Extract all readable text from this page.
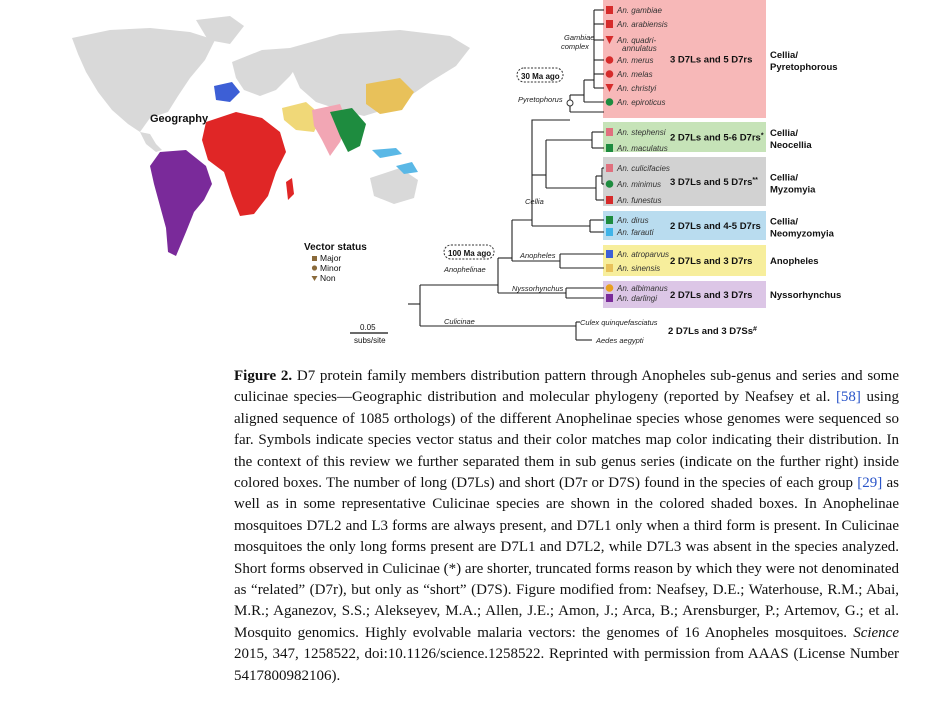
Geography
Vector status
Major
Minor
Non
0.05
subs/site
3 D7Ls and 5 D7rs Cellia/
Pyretophorous
2 D7Ls and 5-6 D7rs* Cellia/
Neocellia
3 D7Ls and 5 D7rs** Cellia/
Myzomyia
2 D7Ls and 4-5 D7rs Cellia/
Neomyzomyia
2 D7Ls and 3 D7rs Anopheles
2 D7Ls and 3 D7rs Nyssorhynchus
Gambiae
complex
30 Ma ago
Pyretophorus
Cellia
Anopheles
100 Ma ago
Anophelinae
Nyssorhynchus
Culicinae
An. gambiae
An. arabiensis
An. quadri-
annulatus
An. merus
An. melas
An. christyi
An. epiroticus
An. stephensi
An. maculatus
An. culicifacies
An. minimus
An. funestus
An. dirus
An. farauti
An. atroparvus
An. sinensis
An. albimanus
An. darlingi
Culex quinquefasciatus
Aedes aegypti
2 D7Ls and 3 D7Ss#
Figure 2. D7 protein family members distribution pattern through Anopheles sub-genus and series and some culicinae species—Geographic distribution and molecular phylogeny (reported by Neafsey et al. [58] using aligned sequence of 1085 orthologs) of the different Anophelinae species whose genomes were sequenced so far. Symbols indicate species vector status and their color matches map color indicating their distribution. In the context of this review we further separated them in sub genus series (indicate on the further right) inside colored boxes. The number of long (D7Ls) and short (D7r or D7S) found in the species of each group [29] as well as in some representative Culicinae species are shown in the colored shaded boxes. In Anophelinae mosquitoes D7L2 and L3 forms are always present, and D7L1 only when a third form is present. In Culicinae mosquitoes the only long forms present are D7L1 and D7L2, while D7L3 was absent in the species analyzed. Short forms observed in Culicinae (*) are shorter, truncated forms reason by which they were not denominated as “related” (D7r), but only as “short” (D7S). Figure modified from: Neafsey, D.E.; Waterhouse, R.M.; Abai, M.R.; Aganezov, S.S.; Alekseyev, M.A.; Allen, J.E.; Amon, J.; Arca, B.; Arensburger, P.; Artemov, G.; et al. Mosquito genomics. Highly evolvable malaria vectors: the genomes of 16 Anopheles mosquitoes. Science 2015, 347, 1258522, doi:10.1126/science.1258522. Reprinted with permission from AAAS (License Number 5417800982106).
